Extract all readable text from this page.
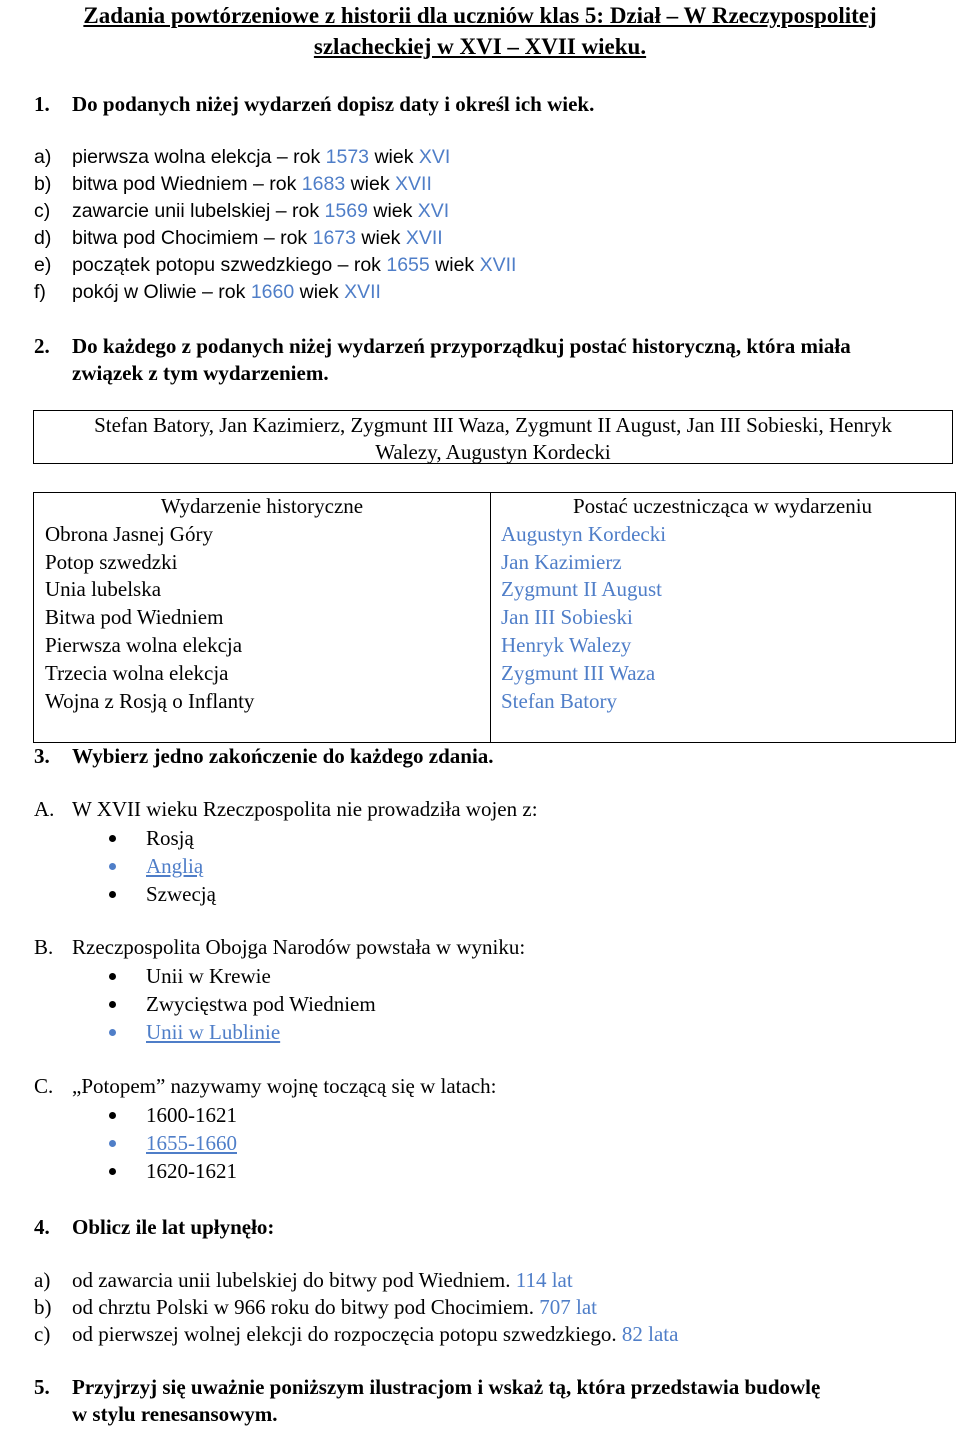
Zadania powtórzeniowe z historii dla uczniów klas 5: Dział – W Rzeczypospolitej
szlacheckiej w XVI – XVII wieku.
1. Do podanych niżej wydarzeń dopisz daty i określ ich wiek.
a) pierwsza wolna elekcja – rok 1573 wiek XVI
b) bitwa pod Wiedniem – rok 1683 wiek XVII
c) zawarcie unii lubelskiej – rok 1569 wiek XVI
d) bitwa pod Chocimiem – rok 1673 wiek XVII
e) początek potopu szwedzkiego – rok 1655 wiek XVII
f) pokój w Oliwie – rok 1660 wiek XVII
2. Do każdego z podanych niżej wydarzeń przyporządkuj postać historyczną, która miała
związek z tym wydarzeniem.
Stefan Batory, Jan Kazimierz, Zygmunt III Waza, Zygmunt II August, Jan III Sobieski, Henryk
Walezy, Augustyn Kordecki
Wydarzenie historyczne
Obrona Jasnej Góry
Potop szwedzki
Unia lubelska
Bitwa pod Wiedniem
Pierwsza wolna elekcja
Trzecia wolna elekcja
Wojna z Rosją o Inflanty
Postać uczestnicząca w wydarzeniu
Augustyn Kordecki
Jan Kazimierz
Zygmunt II August
Jan III Sobieski
Henryk Walezy
Zygmunt III Waza
Stefan Batory
3. Wybierz jedno zakończenie do każdego zdania.
A. W XVII wieku Rzeczpospolita nie prowadziła wojen z:
Rosją
Anglią
Szwecją
B. Rzeczpospolita Obojga Narodów powstała w wyniku:
Unii w Krewie
Zwycięstwa pod Wiedniem
Unii w Lublinie
C. „Potopem” nazywamy wojnę toczącą się w latach:
1600-1621
1655-1660
1620-1621
4. Oblicz ile lat upłynęło:
a) od zawarcia unii lubelskiej do bitwy pod Wiedniem. 114 lat
b) od chrztu Polski w 966 roku do bitwy pod Chocimiem. 707 lat
c) od pierwszej wolnej elekcji do rozpoczęcia potopu szwedzkiego. 82 lata
5. Przyjrzyj się uważnie poniższym ilustracjom i wskaż tą, która przedstawia budowlę
w stylu renesansowym.
